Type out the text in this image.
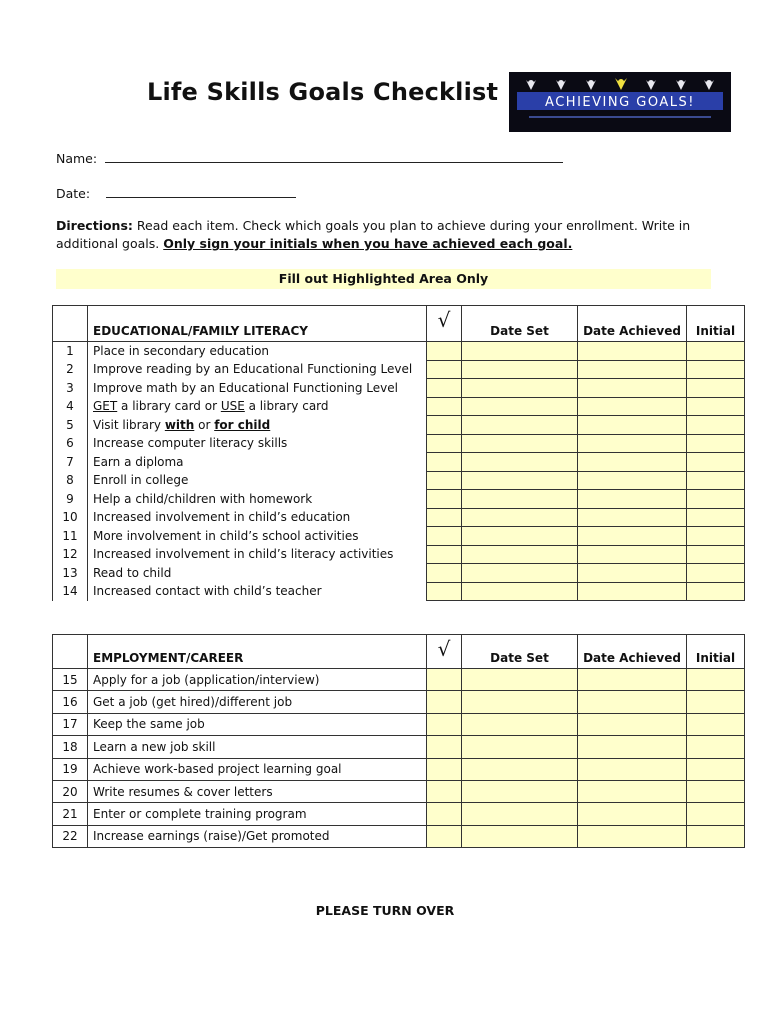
Life Skills Goals Checklist	ACHIEVING GOALS!
Name:
Date:
Directions: Read each item. Check which goals you plan to achieve during your enrollment. Write in additional goals. Only sign your initials when you have achieved each goal.
Fill out Highlighted Area Only
	EDUCATIONAL/FAMILY LITERACY	√	Date Set	Date Achieved	Initial
1	Place in secondary education				
2	Improve reading by an Educational Functioning Level				
3	Improve math by an Educational Functioning Level				
4	GET a library card or USE a library card				
5	Visit library with or for child				
6	Increase computer literacy skills				
7	Earn a diploma				
8	Enroll in college				
9	Help a child/children with homework				
10	Increased involvement in child’s education				
11	More involvement in child’s school activities				
12	Increased involvement in child’s literacy activities				
13	Read to child				
14	Increased contact with child’s teacher				
	EMPLOYMENT/CAREER	√	Date Set	Date Achieved	Initial
15	Apply for a job (application/interview)				
16	Get a job (get hired)/different job				
17	Keep the same job				
18	Learn a new job skill				
19	Achieve work-based project learning goal				
20	Write resumes & cover letters				
21	Enter or complete training program				
22	Increase earnings (raise)/Get promoted				
PLEASE TURN OVER
